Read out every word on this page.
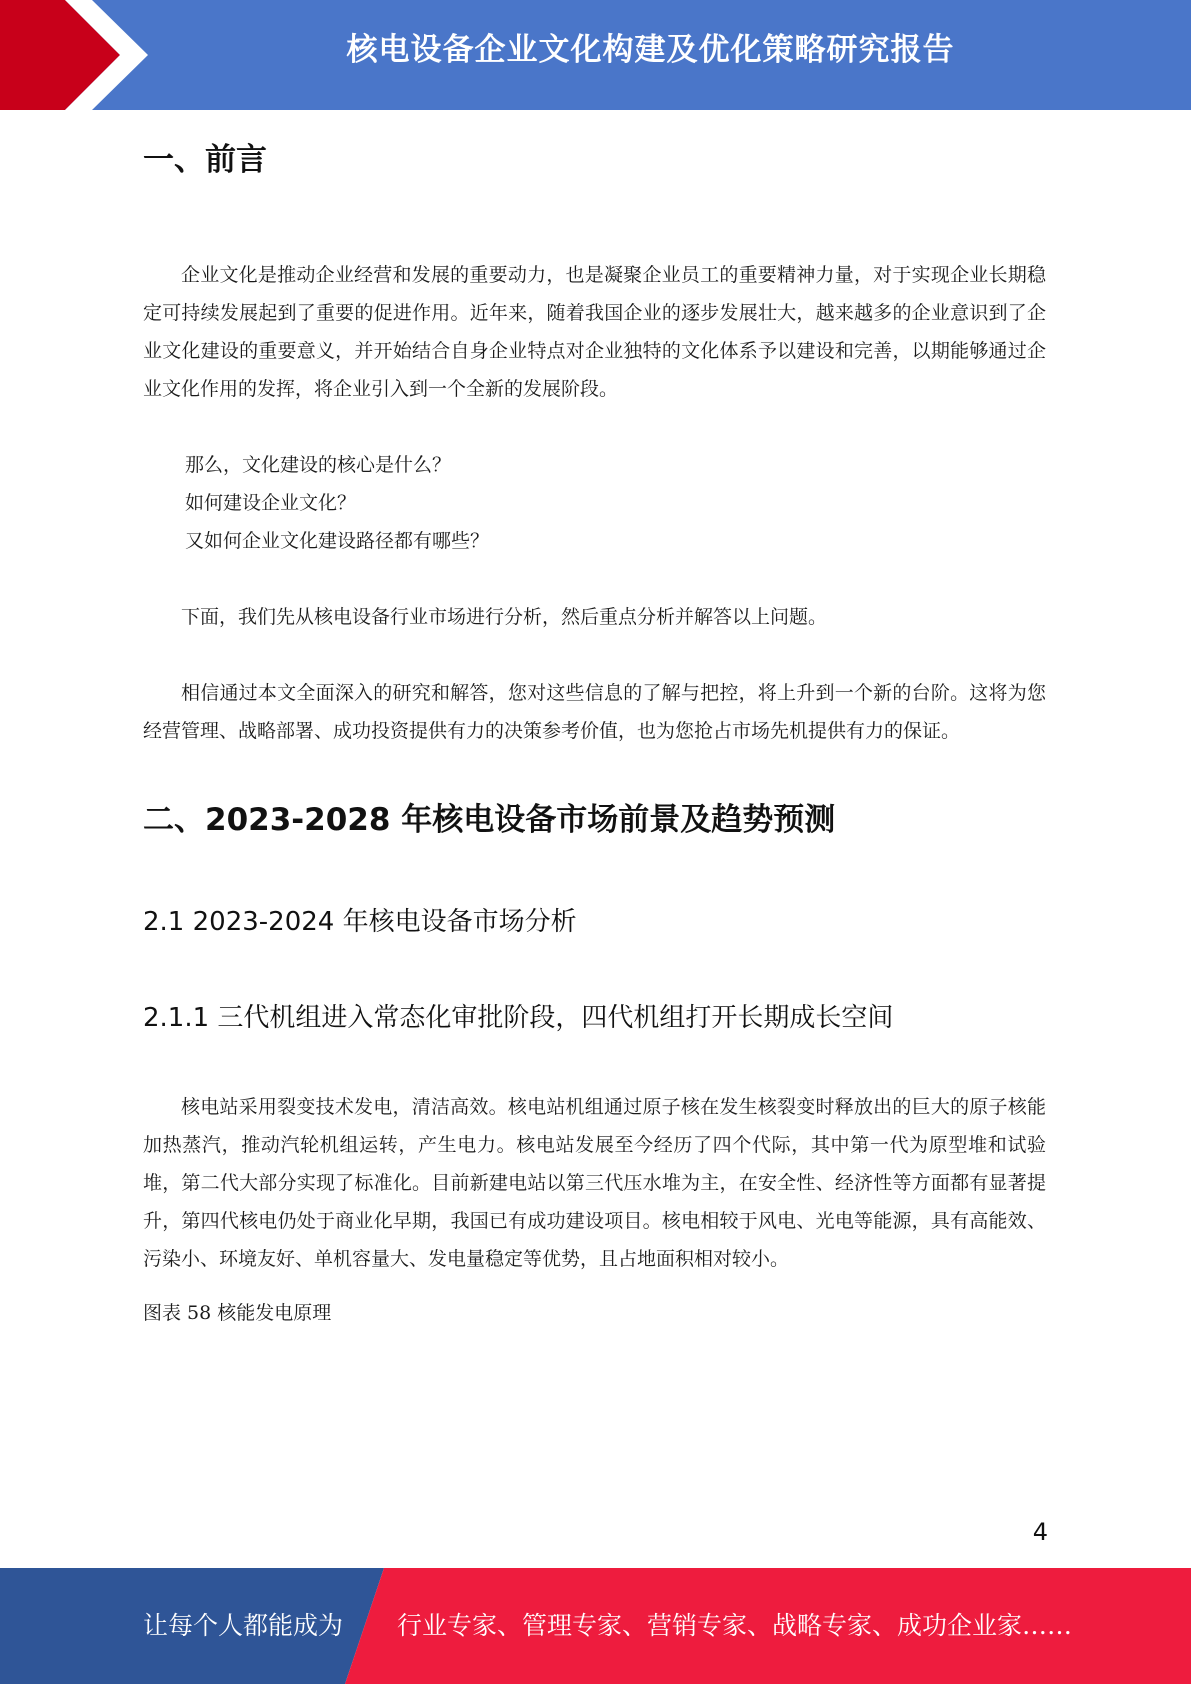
核电设备企业文化构建及优化策略研究报告
一、前言

企业文化是推动企业经营和发展的重要动力，也是凝聚企业员工的重要精神力量，对于实现企业长期稳定可持续发展起到了重要的促进作用。近年来，随着我国企业的逐步发展壮大，越来越多的企业意识到了企业文化建设的重要意义，并开始结合自身企业特点对企业独特的文化体系予以建设和完善，以期能够通过企业文化作用的发挥，将企业引入到一个全新的发展阶段。

那么，文化建设的核心是什么？

如何建设企业文化？

又如何企业文化建设路径都有哪些？

下面，我们先从核电设备行业市场进行分析，然后重点分析并解答以上问题。

相信通过本文全面深入的研究和解答，您对这些信息的了解与把控，将上升到一个新的台阶。这将为您经营管理、战略部署、成功投资提供有力的决策参考价值，也为您抢占市场先机提供有力的保证。

二、2023-2028 年核电设备市场前景及趋势预测
2.1 2023-2024 年核电设备市场分析
2.1.1 三代机组进入常态化审批阶段，四代机组打开长期成长空间

核电站采用裂变技术发电，清洁高效。核电站机组通过原子核在发生核裂变时释放出的巨大的原子核能加热蒸汽，推动汽轮机组运转，产生电力。核电站发展至今经历了四个代际，其中第一代为原型堆和试验堆，第二代大部分实现了标准化。目前新建电站以第三代压水堆为主，在安全性、经济性等方面都有显著提升，第四代核电仍处于商业化早期，我国已有成功建设项目。核电相较于风电、光电等能源，具有高能效、污染小、环境友好、单机容量大、发电量稳定等优势，且占地面积相对较小。

图表 58 核能发电原理

4
让每个人都能成为 行业专家、管理专家、营销专家、战略专家、成功企业家……
